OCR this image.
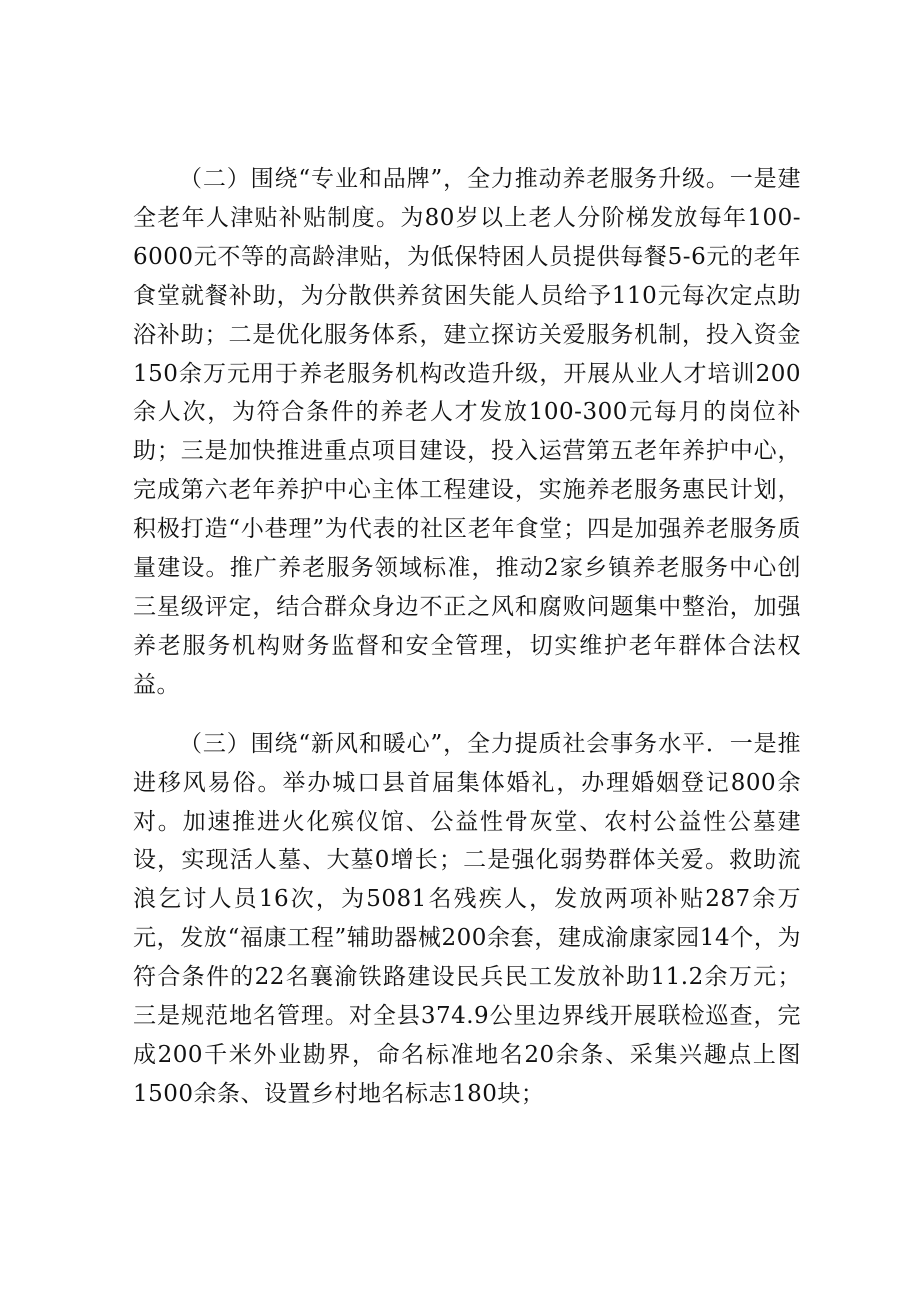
（二）围绕“专业和品牌”，全力推动养老服务升级。一是建全老年人津贴补贴制度。为80岁以上老人分阶梯发放每年100-6000元不等的高龄津贴，为低保特困人员提供每餐5-6元的老年食堂就餐补助，为分散供养贫困失能人员给予110元每次定点助浴补助；二是优化服务体系，建立探访关爱服务机制，投入资金150余万元用于养老服务机构改造升级，开展从业人才培训200余人次，为符合条件的养老人才发放100-300元每月的岗位补助；三是加快推进重点项目建设，投入运营第五老年养护中心，完成第六老年养护中心主体工程建设，实施养老服务惠民计划，积极打造“小巷理”为代表的社区老年食堂；四是加强养老服务质量建设。推广养老服务领域标准，推动2家乡镇养老服务中心创三星级评定，结合群众身边不正之风和腐败问题集中整治，加强养老服务机构财务监督和安全管理，切实维护老年群体合法权益。

（三）围绕“新风和暖心”，全力提质社会事务水平．一是推进移风易俗。举办城口县首届集体婚礼，办理婚姻登记800余对。加速推进火化殡仪馆、公益性骨灰堂、农村公益性公墓建设，实现活人墓、大墓0增长；二是强化弱势群体关爱。救助流浪乞讨人员16次，为5081名残疾人，发放两项补贴287余万元，发放“福康工程”辅助器械200余套，建成渝康家园14个，为符合条件的22名襄渝铁路建设民兵民工发放补助11.2余万元；三是规范地名管理。对全县374.9公里边界线开展联检巡查，完成200千米外业勘界，命名标准地名20余条、采集兴趣点上图1500余条、设置乡村地名标志180块；
